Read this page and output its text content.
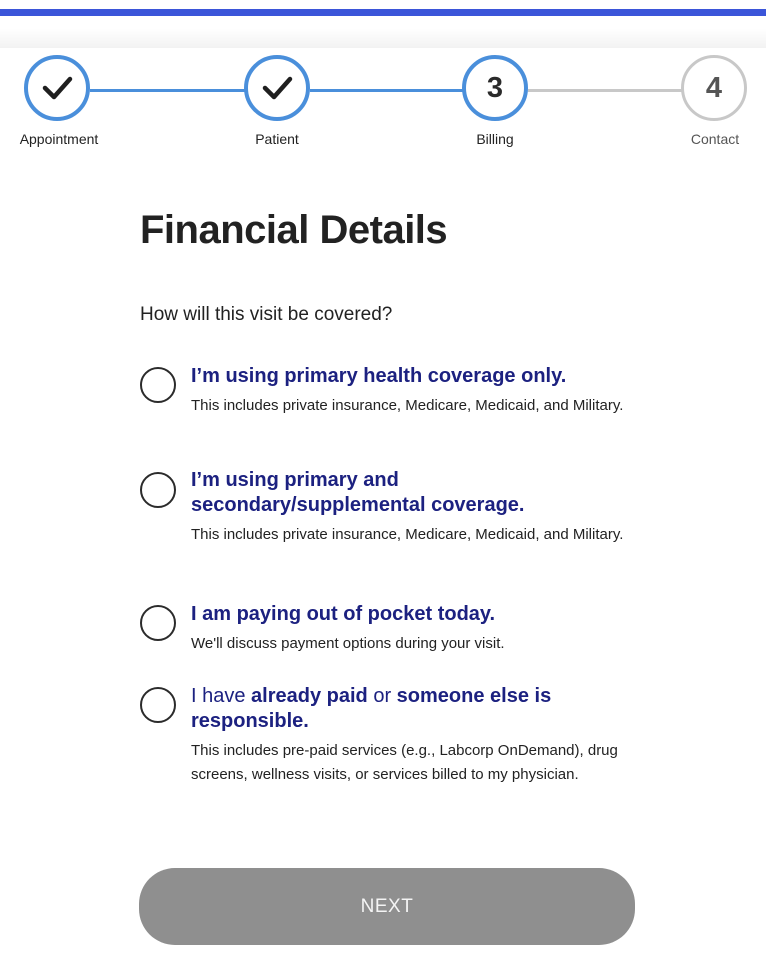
Appointment	Patient
3
Billing
4
Contact
Financial Details
How will this visit be covered?
I’m using primary health coverage only.
This includes private insurance, Medicare, Medicaid, and Military.
I’m using primary and secondary/supplemental coverage.
This includes private insurance, Medicare, Medicaid, and Military.
I am paying out of pocket today.
We'll discuss payment options during your visit.
I have already paid or someone else is responsible.
This includes pre-paid services (e.g., Labcorp OnDemand), drug screens, wellness visits, or services billed to my physician.
NEXT
